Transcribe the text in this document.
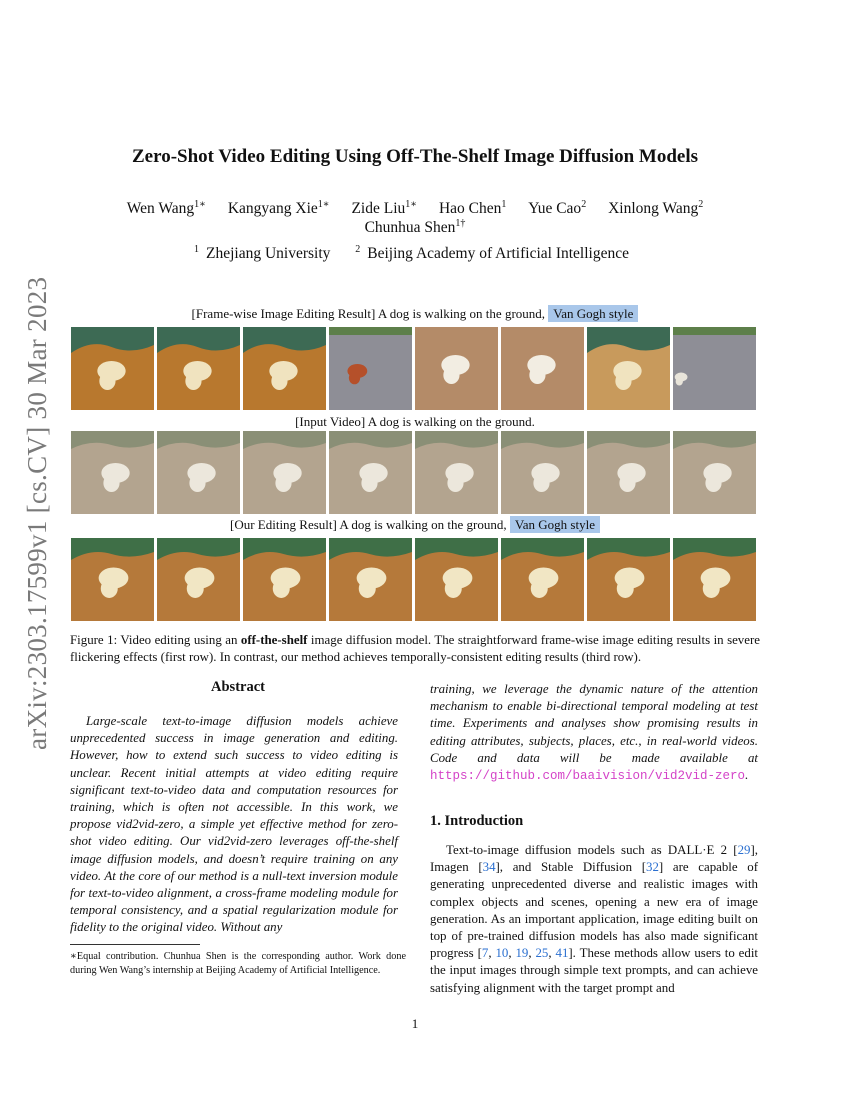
arXiv:2303.17599v1 [cs.CV] 30 Mar 2023
Zero-Shot Video Editing Using Off-The-Shelf Image Diffusion Models
Wen Wang$^{1∗}$ Kangyang Xie$^{1∗}$ Zide Liu$^{1∗}$ Hao Chen$^1$ Yue Cao$^2$ Xinlong Wang$^2$
Chunhua Shen$^{1\dagger}$
$^1$ Zhejiang University $^2$ Beijing Academy of Artificial Intelligence
[Frame-wise Image Editing Result] A dog is walking on the ground, Van Gogh style
[Input Video] A dog is walking on the ground.
[Our Editing Result] A dog is walking on the ground, Van Gogh style
Figure 1: Video editing using an off-the-shelf image diffusion model. The straightforward frame-wise image editing results in severe flickering effects (first row). In contrast, our method achieves temporally-consistent editing results (third row).
Abstract
Large-scale text-to-image diffusion models achieve unprecedented success in image generation and editing. However, how to extend such success to video editing is unclear. Recent initial attempts at video editing require significant text-to-video data and computation resources for training, which is often not accessible. In this work, we propose vid2vid-zero, a simple yet effective method for zero-shot video editing. Our vid2vid-zero leverages off-the-shelf image diffusion models, and doesn’t require training on any video. At the core of our method is a null-text inversion module for text-to-video alignment, a cross-frame modeling module for temporal consistency, and a spatial regularization module for fidelity to the original video. Without any
∗Equal contribution. Chunhua Shen is the corresponding author. Work done during Wen Wang’s internship at Beijing Academy of Artificial Intelligence.
training, we leverage the dynamic nature of the attention mechanism to enable bi-directional temporal modeling at test time. Experiments and analyses show promising results in editing attributes, subjects, places, etc., in real-world videos. Code and data will be made available at https://github.com/baaivision/vid2vid-zero.
1. Introduction
Text-to-image diffusion models such as DALL·E 2 [29], Imagen [34], and Stable Diffusion [32] are capable of generating unprecedented diverse and realistic images with complex objects and scenes, opening a new era of image generation. As an important application, image editing built on top of pre-trained diffusion models has also made significant progress [7, 10, 19, 25, 41]. These methods allow users to edit the input images through simple text prompts, and can achieve satisfying alignment with the target prompt and
1
